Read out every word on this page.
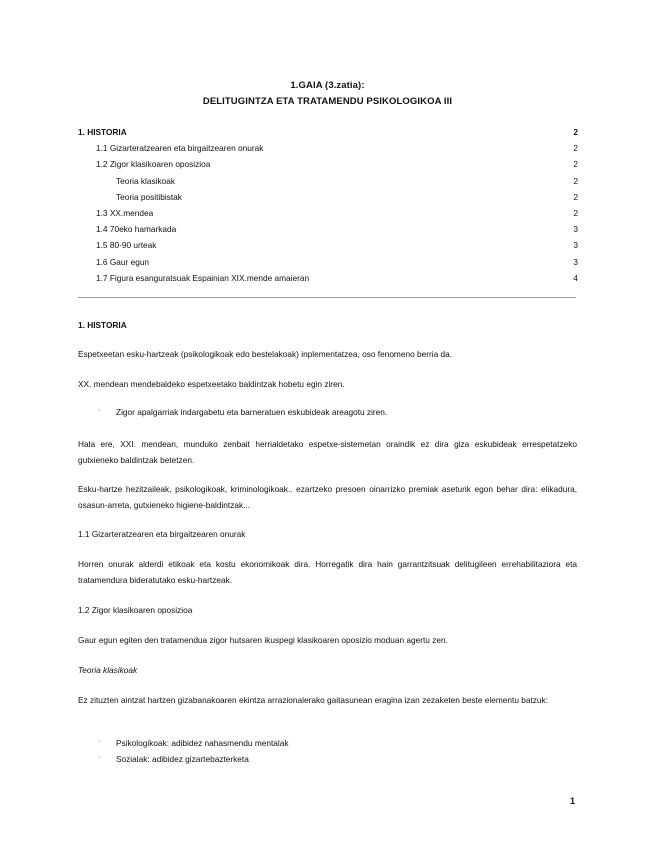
1.GAIA (3.zatia):
DELITUGINTZA ETA TRATAMENDU PSIKOLOGIKOA III
1. HISTORIA	2
1.1 Gizarteratzearen eta birgaitzearen onurak	2
1.2 Zigor klasikoaren oposizioa	2
Teoria klasikoak	2
Teoria positibistak	2
1.3 XX.mendea	2
1.4 70eko hamarkada	3
1.5 80-90 urteak	3
1.6 Gaur egun	3
1.7 Figura esanguratsuak Espainian XIX.mende amaieran	4
1. HISTORIA
Espetxeetan esku-hartzeak (psikologikoak edo bestelakoak) inplementatzea, oso fenomeno berria da.
XX. mendean mendebaldeko espetxeetako baldintzak hobetu egin ziren.
· Zigor apalgarriak indargabetu eta barneratuen eskubideak areagotu ziren.
Hala ere, XXI. mendean, munduko zenbait herrialdetako espetxe-sistemetan oraindik ez dira giza eskubideak errespetatzeko gutxieneko baldintzak betetzen.
Esku-hartze hezitzaileak, psikologikoak, kriminologikoak.. ezartzeko presoen oinarrizko premiak aseturik egon behar dira: elikadura, osasun-arreta, gutxieneko higiene-baldintzak...
1.1 Gizarteratzearen eta birgaitzearen onurak
Horren onurak alderdi etikoak eta kostu ekonomikoak dira. Horregatik dira hain garrantzitsuak delitugileen errehabilitaziora eta tratamendura bideratutako esku-hartzeak.
1.2 Zigor klasikoaren oposizioa
Gaur egun egiten den tratamendua zigor hutsaren ikuspegi klasikoaren oposizio moduan agertu zen.
Teoria klasikoak
Ez zituzten aintzat hartzen gizabanakoaren ekintza arrazionalerako gaitasunean eragina izan zezaketen beste elementu batzuk:
· Psikologikoak: adibidez nahasmendu mentalak
· Sozialak: adibidez gizartebazterketa
1
